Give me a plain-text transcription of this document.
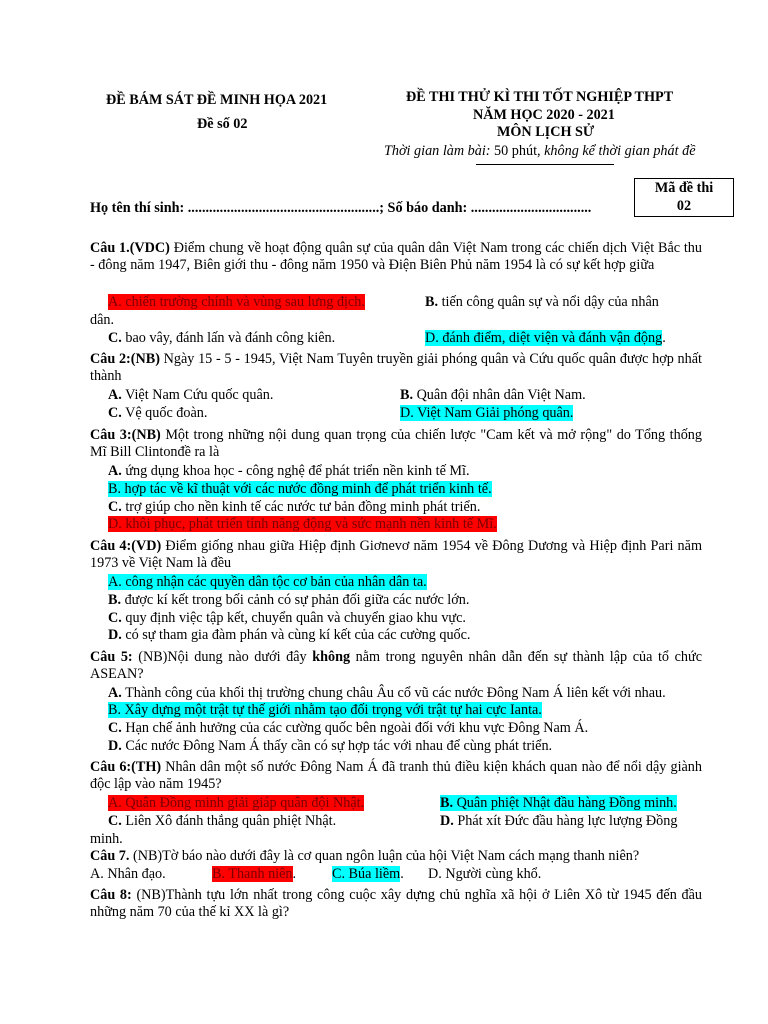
ĐỀ BÁM SÁT ĐỀ MINH HỌA 2021
Đề số 02
ĐỀ THI THỬ KÌ THI TỐT NGHIỆP THPT
NĂM HỌC 2020 - 2021
MÔN LỊCH SỬ
Thời gian làm bài: 50 phút, không kể thời gian phát đề
Mã đề thi
02
Họ tên thí sinh: ......................................................; Số báo danh: ..................................
Câu 1.(VDC) Điểm chung về hoạt động quân sự của quân dân Việt Nam trong các chiến dịch Việt Bắc thu - đông năm 1947, Biên giới thu - đông năm 1950 và Điện Biên Phủ năm 1954 là có sự kết hợp giữa
A. chiến trường chính và vùng sau lưng địch.	B. tiến công quân sự và nổi dậy của nhân
dân.
C. bao vây, đánh lấn và đánh công kiên.	D. đánh điểm, diệt viện và đánh vận động.
Câu 2:(NB) Ngày 15 - 5 - 1945, Việt Nam Tuyên truyền giải phóng quân và Cứu quốc quân được hợp nhất thành
A. Việt Nam Cứu quốc quân.	B. Quân đội nhân dân Việt Nam.
C. Vệ quốc đoàn.	D. Việt Nam Giải phóng quân.
Câu 3:(NB) Một trong những nội dung quan trọng của chiến lược "Cam kết và mở rộng" do Tổng thống Mĩ Bill Clintonđề ra là
A. ứng dụng khoa học - công nghệ để phát triển nền kinh tế Mĩ.
B. hợp tác về kĩ thuật với các nước đồng minh để phát triển kinh tế.
C. trợ giúp cho nền kinh tế các nước tư bản đồng minh phát triển.
D. khôi phục, phát triển tính năng động và sức mạnh nền kinh tế Mĩ.
Câu 4:(VD) Điểm giống nhau giữa Hiệp định Giơnevơ năm 1954 về Đông Dương và Hiệp định Pari năm 1973 về Việt Nam là đều
A. công nhận các quyền dân tộc cơ bản của nhân dân ta.
B. được kí kết trong bối cảnh có sự phản đối giữa các nước lớn.
C. quy định việc tập kết, chuyển quân và chuyển giao khu vực.
D. có sự tham gia đàm phán và cùng kí kết của các cường quốc.
Câu 5: (NB)Nội dung nào dưới đây không nằm trong nguyên nhân dẫn đến sự thành lập của tổ chức ASEAN?
A. Thành công của khối thị trường chung châu Âu cổ vũ các nước Đông Nam Á liên kết với nhau.
B. Xây dựng một trật tự thế giới nhằm tạo đối trọng với trật tự hai cực Ianta.
C. Hạn chế ảnh hưởng của các cường quốc bên ngoài đối với khu vực Đông Nam Á.
D. Các nước Đông Nam Á thấy cần có sự hợp tác với nhau để cùng phát triển.
Câu 6:(TH) Nhân dân một số nước Đông Nam Á đã tranh thủ điều kiện khách quan nào để nổi dậy giành độc lập vào năm 1945?
A. Quân Đồng minh giải giáp quân đội Nhật.	B. Quân phiệt Nhật đầu hàng Đồng minh.
C. Liên Xô đánh thắng quân phiệt Nhật.	D. Phát xít Đức đầu hàng lực lượng Đồng
minh.
Câu 7. (NB)Tờ báo nào dưới đây là cơ quan ngôn luận của hội Việt Nam cách mạng thanh niên?
A. Nhân đạo.	B. Thanh niên.	C. Búa liềm. D. Người cùng khổ.
Câu 8: (NB)Thành tựu lớn nhất trong công cuộc xây dựng chủ nghĩa xã hội ở Liên Xô từ 1945 đến đầu những năm 70 của thế kỉ XX là gì?
